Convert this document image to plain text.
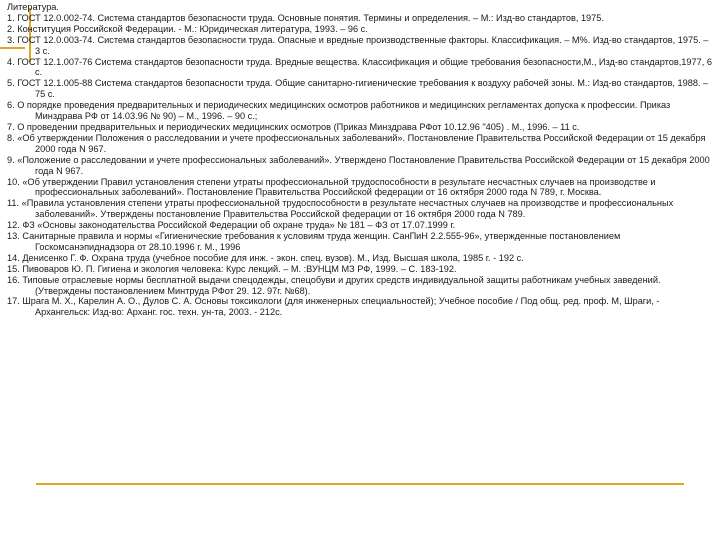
Литература.

1. ГОСТ 12.0.002-74. Система стандартов безопасности труда. Основные понятия. Термины и определения. – М.: Изд-во стандартов, 1975.
2. Конституция Российской Федерации. - М.: Юридическая литература, 1993. – 96 с.
3. ГОСТ 12.0.003-74. Система стандартов безопасности труда. Опасные и вредные производственные факторы. Классификация. – М%. Изд-во стандартов, 1975. – 3 с.
4. ГОСТ 12.1.007-76 Система стандартов безопасности труда. Вредные вещества. Классификация и общие требования безопасности,М., Изд-во стандартов,1977, 6 с.
5. ГОСТ 12.1.005-88 Система стандартов безопасности труда. Общие санитарно-гигиенические требования к воздуху рабочей зоны. М.: Изд-во стандартов, 1988. – 75 с.
6. О порядке проведения предварительных и периодических медицинских осмотров работников и медицинских регламентах допуска к профессии. Приказ Минздрава РФ от 14.03.96 № 90) – М., 1996. – 90 с.;
7. О проведении предварительных и периодических медицинских осмотров (Приказ Минздрава РФот 10.12.96 "405) . М., 1996. – 11 с.
8. «Об утверждении Положения о расследовании и учете профессиональных заболеваний». Постановление Правительства Российской Федерации от 15 декабря 2000 года N 967.
9. «Положение о расследовании и учете профессиональных заболеваний». Утверждено Постановление Правительства Российской Федерации от 15 декабря 2000 года N 967.
10. «Об утверждении Правил установления степени утраты профессиональной трудоспособности в результате несчастных случаев на производстве и профессиональных заболеваний». Постановление Правительства Российской федерации от 16 октября 2000 года N 789, г. Москва.
11. «Правила установления степени утраты профессиональной трудоспособности в результате несчастных случаев на производстве и профессиональных заболеваний». Утверждены постановление Правительства Российской федерации от 16 октября 2000 года N 789.
12. ФЗ «Основы законодательства Российской Федерации об охране труда» № 181 – ФЗ от 17.07.1999 г.
13. Санитарные правила и нормы «Гигиенические требования к условиям труда женщин. СанПиН 2.2.555-96», утвержденные постановлением Госкомсанэпиднадзора от 28.10.1996 г. М., 1996
14. Денисенко Г. Ф. Охрана труда (учебное пособие для инж. - экон. спец. вузов). М., Изд. Высшая школа, 1985 г. - 192 с.
15. Пивоваров Ю. П. Гигиена и экология человека: Курс лекций. – М. :ВУНЦМ МЗ РФ, 1999. – С. 183-192.
16. Типовые отраслевые нормы бесплатной выдачи спецодежды, спецобуви и других средств индивидуальной защиты работникам учебных заведений. (Утверждены постановлением Минтруда РФот 29. 12. 97г. №68).
17. Шрага М. Х., Карелин А. О., Дулов С. А. Основы токсикологи (для инженерных специальностей); Учебное пособие / Под общ. ред. проф. М, Шраги, - Архангельск: Изд-во: Арханг. гос. техн. ун-та, 2003. - 212с.
